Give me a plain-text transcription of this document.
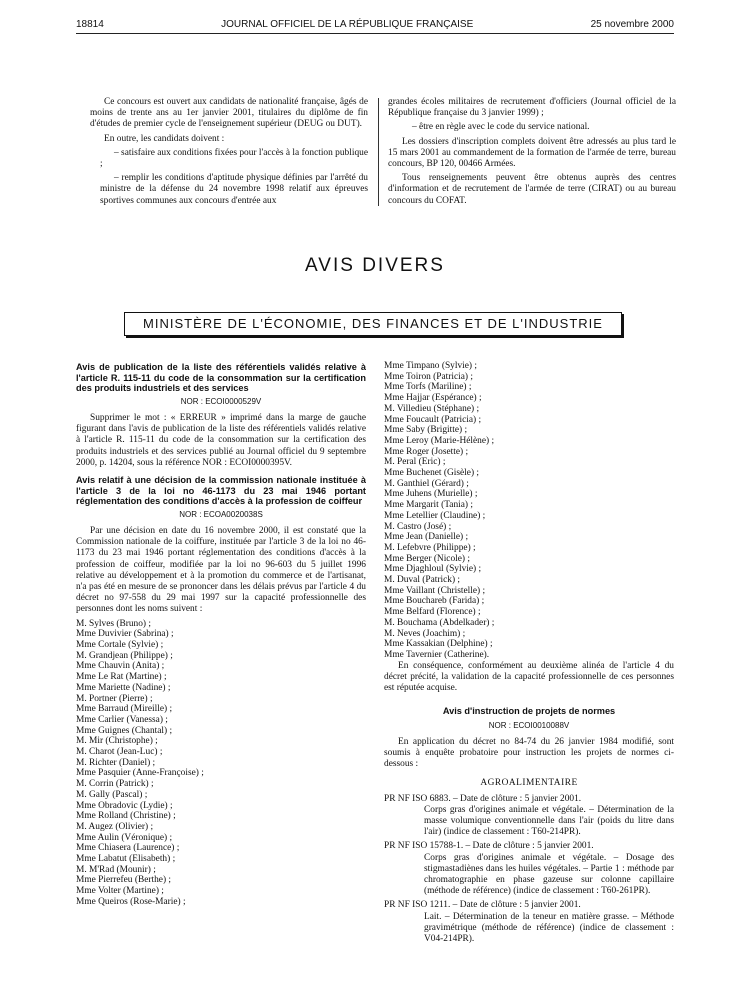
18814	JOURNAL OFFICIEL DE LA RÉPUBLIQUE FRANÇAISE	25 novembre 2000

Ce concours est ouvert aux candidats de nationalité française, âgés de moins de trente ans au 1er janvier 2001, titulaires du diplôme de fin d'études de premier cycle de l'enseignement supérieur (DEUG ou DUT).

En outre, les candidats doivent :

– satisfaire aux conditions fixées pour l'accès à la fonction publique ;

– remplir les conditions d'aptitude physique définies par l'arrêté du ministre de la défense du 24 novembre 1998 relatif aux épreuves sportives communes aux concours d'entrée aux

grandes écoles militaires de recrutement d'officiers (Journal officiel de la République française du 3 janvier 1999) ;

– être en règle avec le code du service national.

Les dossiers d'inscription complets doivent être adressés au plus tard le 15 mars 2001 au commandement de la formation de l'armée de terre, bureau concours, BP 120, 00466 Armées.

Tous renseignements peuvent être obtenus auprès des centres d'information et de recrutement de l'armée de terre (CIRAT) ou au bureau concours du COFAT.

AVIS DIVERS
MINISTÈRE DE L'ÉCONOMIE, DES FINANCES ET DE L'INDUSTRIE
Avis de publication de la liste des référentiels validés relative à l'article R. 115-11 du code de la consommation sur la certification des produits industriels et des services
NOR : ECOI0000529V

Supprimer le mot : « ERREUR » imprimé dans la marge de gauche figurant dans l'avis de publication de la liste des référentiels validés relative à l'article R. 115-11 du code de la consommation sur la certification des produits industriels et des services publié au Journal officiel du 9 septembre 2000, p. 14204, sous la référence NOR : ECOI0000395V.

Avis relatif à une décision de la commission nationale instituée à l'article 3 de la loi no 46-1173 du 23 mai 1946 portant réglementation des conditions d'accès à la profession de coiffeur
NOR : ECOA0020038S

Par une décision en date du 16 novembre 2000, il est constaté que la Commission nationale de la coiffure, instituée par l'article 3 de la loi no 46-1173 du 23 mai 1946 portant réglementation des conditions d'accès à la profession de coiffeur, modifiée par la loi no 96-603 du 5 juillet 1996 relative au développement et à la promotion du commerce et de l'artisanat, n'a pas été en mesure de se prononcer dans les délais prévus par l'article 4 du décret no 97-558 du 29 mai 1997 sur la capacité professionnelle des personnes dont les noms suivent :

M. Sylves (Bruno) ;
Mme Duvivier (Sabrina) ;
Mme Cortale (Sylvie) ;
M. Grandjean (Philippe) ;
Mme Chauvin (Anita) ;
Mme Le Rat (Martine) ;
Mme Mariette (Nadine) ;
M. Portner (Pierre) ;
Mme Barraud (Mireille) ;
Mme Carlier (Vanessa) ;
Mme Guignes (Chantal) ;
M. Mir (Christophe) ;
M. Charot (Jean-Luc) ;
M. Richter (Daniel) ;
Mme Pasquier (Anne-Françoise) ;
M. Corrin (Patrick) ;
M. Gally (Pascal) ;
Mme Obradovic (Lydie) ;
Mme Rolland (Christine) ;
M. Augez (Olivier) ;
Mme Aulin (Véronique) ;
Mme Chiasera (Laurence) ;
Mme Labatut (Elisabeth) ;
M. M'Rad (Mounir) ;
Mme Pierrefeu (Berthe) ;
Mme Volter (Martine) ;
Mme Queiros (Rose-Marie) ;
Mme Timpano (Sylvie) ;
Mme Toiron (Patricia) ;
Mme Torfs (Mariline) ;
Mme Hajjar (Espérance) ;
M. Villedieu (Stéphane) ;
Mme Foucault (Patricia) ;
Mme Saby (Brigitte) ;
Mme Leroy (Marie-Hélène) ;
Mme Roger (Josette) ;
M. Peral (Eric) ;
Mme Buchenet (Gisèle) ;
M. Ganthiel (Gérard) ;
Mme Juhens (Murielle) ;
Mme Margarit (Tania) ;
Mme Letellier (Claudine) ;
M. Castro (José) ;
Mme Jean (Danielle) ;
M. Lefebvre (Philippe) ;
Mme Berger (Nicole) ;
Mme Djaghloul (Sylvie) ;
M. Duval (Patrick) ;
Mme Vaillant (Christelle) ;
Mme Bouchareb (Farida) ;
Mme Belfard (Florence) ;
M. Bouchama (Abdelkader) ;
M. Neves (Joachim) ;
Mme Kassakian (Delphine) ;
Mme Tavernier (Catherine).

En conséquence, conformément au deuxième alinéa de l'article 4 du décret précité, la validation de la capacité professionnelle de ces personnes est réputée acquise.

Avis d'instruction de projets de normes
NOR : ECOI0010088V

En application du décret no 84-74 du 26 janvier 1984 modifié, sont soumis à enquête probatoire pour instruction les projets de normes ci-dessous :

AGROALIMENTAIRE
PR NF ISO 6883. – Date de clôture : 5 janvier 2001.
Corps gras d'origines animale et végétale. – Détermination de la masse volumique conventionnelle dans l'air (poids du litre dans l'air) (indice de classement : T60-214PR).
PR NF ISO 15788-1. – Date de clôture : 5 janvier 2001.
Corps gras d'origines animale et végétale. – Dosage des stigmastadiènes dans les huiles végétales. – Partie 1 : méthode par chromatographie en phase gazeuse sur colonne capillaire (méthode de référence) (indice de classement : T60-261PR).
PR NF ISO 1211. – Date de clôture : 5 janvier 2001.
Lait. – Détermination de la teneur en matière grasse. – Méthode gravimétrique (méthode de référence) (indice de classement : V04-214PR).
